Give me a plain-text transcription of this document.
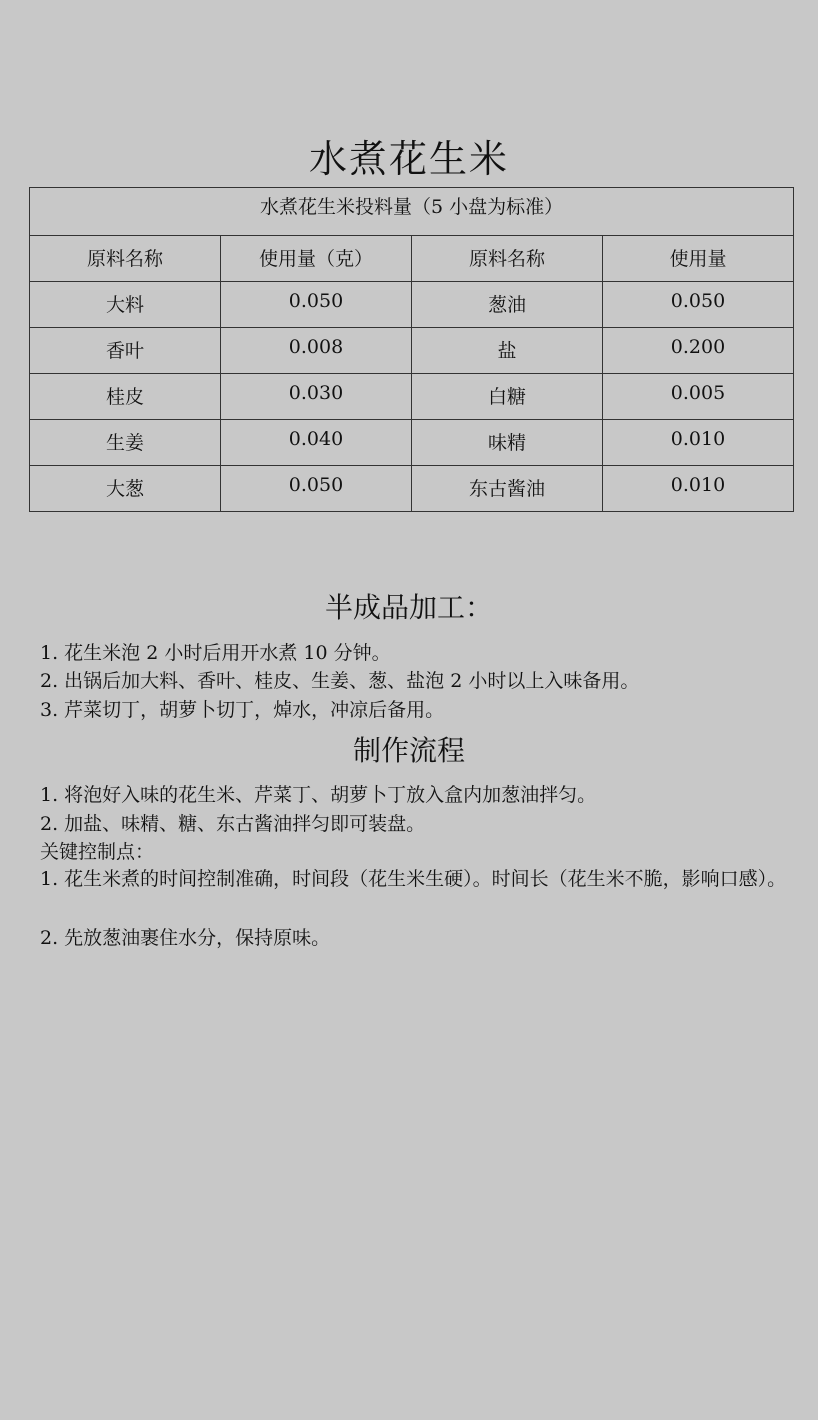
水煮花生米
水煮花生米投料量（5 小盘为标准）			
原料名称	使用量（克）	原料名称	使用量
大料	0.050	葱油	0.050
香叶	0.008	盐	0.200
桂皮	0.030	白糖	0.005
生姜	0.040	味精	0.010
大葱	0.050	东古酱油	0.010
半成品加工：
1. 花生米泡 2 小时后用开水煮 10 分钟。
2. 出锅后加大料、香叶、桂皮、生姜、葱、盐泡 2 小时以上入味备用。
3. 芹菜切丁，胡萝卜切丁，焯水，冲凉后备用。
制作流程
1. 将泡好入味的花生米、芹菜丁、胡萝卜丁放入盒内加葱油拌匀。
2. 加盐、味精、糖、东古酱油拌匀即可装盘。
关键控制点：
1. 花生米煮的时间控制准确，时间段（花生米生硬）。时间长（花生米不脆，影响口感）。
2. 先放葱油裹住水分，保持原味。
